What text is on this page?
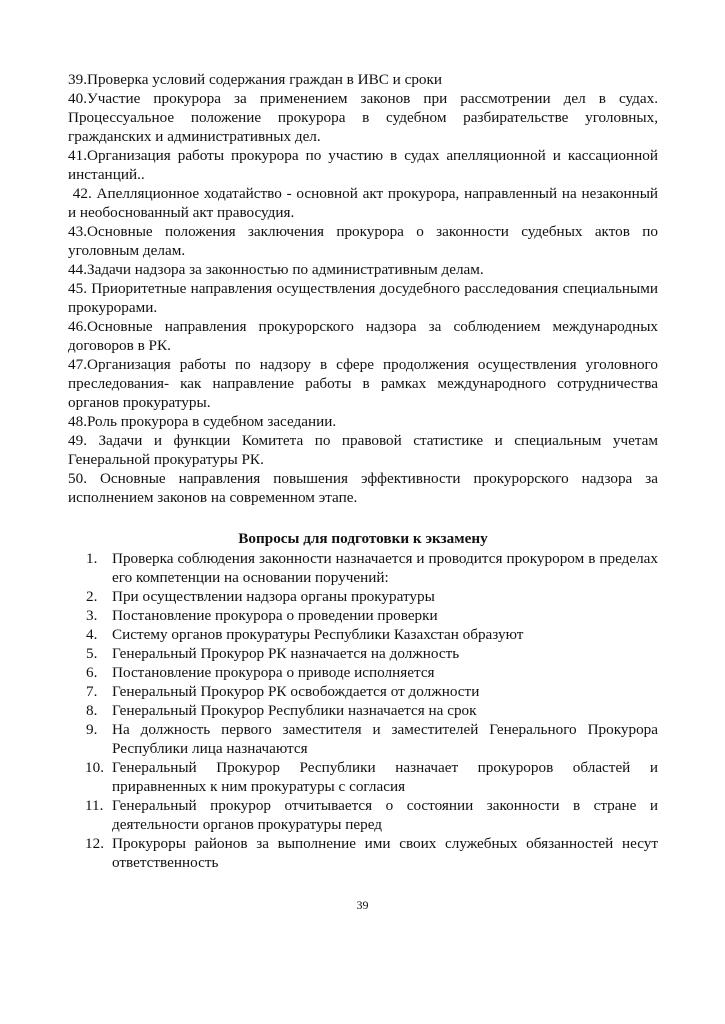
39.Проверка условий содержания граждан в ИВС и сроки

40.Участие прокурора за применением законов при рассмотрении дел в судах. Процессуальное положение прокурора в судебном разбирательстве уголовных, гражданских и административных дел.

41.Организация работы прокурора по участию в судах апелляционной и кассационной инстанций..

42. Апелляционное ходатайство - основной акт прокурора, направленный на незаконный и необоснованный акт правосудия.

43.Основные положения заключения прокурора о законности судебных актов по уголовным делам.

44.Задачи надзора за законностью по административным делам.

45. Приоритетные направления осуществления досудебного расследования специальными прокурорами.

46.Основные направления прокурорского надзора за соблюдением международных договоров в РК.

47.Организация работы по надзору в сфере продолжения осуществления уголовного преследования- как направление работы в рамках международного сотрудничества органов прокуратуры.

48.Роль прокурора в судебном заседании.

49. Задачи и функции Комитета по правовой статистике и специальным учетам Генеральной прокуратуры РК.

50. Основные направления повышения эффективности прокурорского надзора за исполнением законов на современном этапе.

Вопросы для подготовки к экзамену
1. Проверка соблюдения законности назначается и проводится прокурором в пределах его компетенции на основании поручений:
2. При осуществлении надзора органы прокуратуры
3. Постановление прокурора о проведении проверки
4. Систему органов прокуратуры Республики Казахстан образуют
5. Генеральный Прокурор РК назначается на должность
6. Постановление прокурора о приводе исполняется
7. Генеральный Прокурор РК освобождается от должности
8. Генеральный Прокурор Республики назначается на срок
9. На должность первого заместителя и заместителей Генерального Прокурора Республики лица назначаются
10. Генеральный Прокурор Республики назначает прокуроров областей и приравненных к ним прокуратуры с согласия
11. Генеральный прокурор отчитывается о состоянии законности в стране и деятельности органов прокуратуры перед
12. Прокуроры районов за выполнение ими своих служебных обязанностей несут ответственность
39
